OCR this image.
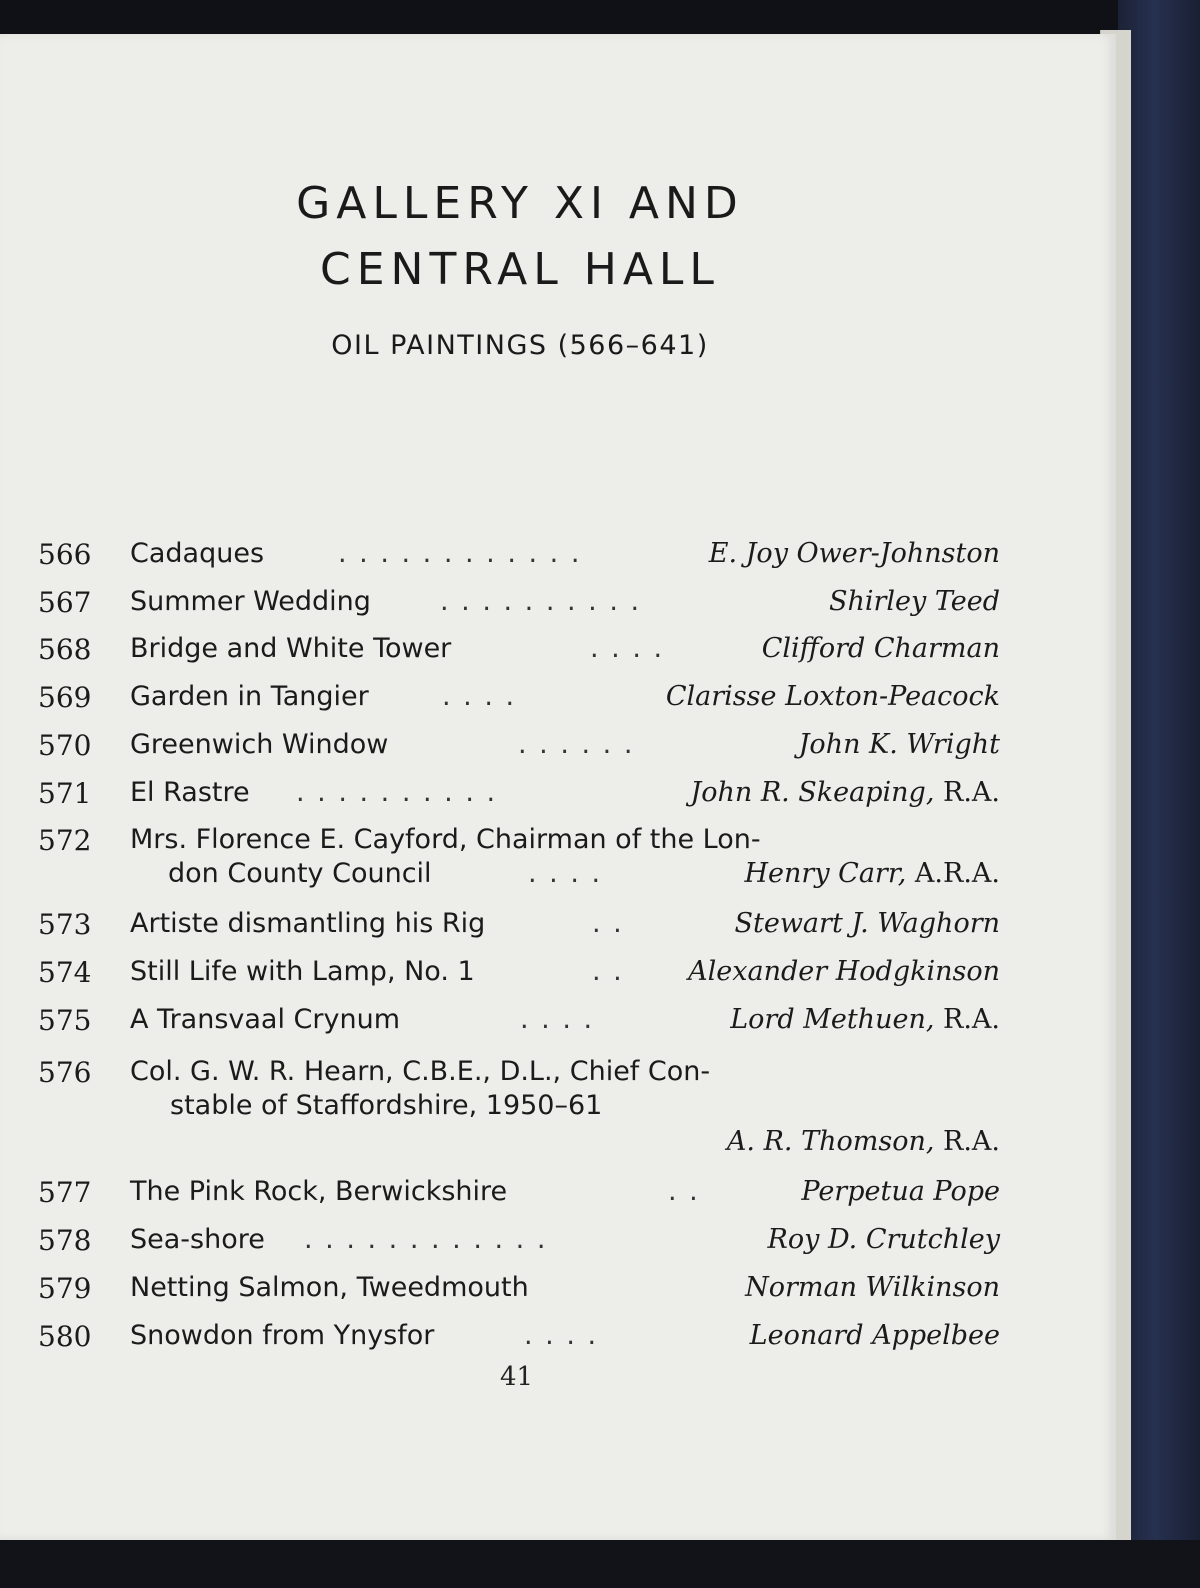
GALLERY XI AND
CENTRAL HALL
OIL PAINTINGS (566–641)
566 Cadaques	. . . . . . . . . . . .	E. Joy Ower-Johnston
567 Summer Wedding	. . . . . . . . . .	Shirley Teed
568 Bridge and White Tower	. . . .	Clifford Charman
569 Garden in Tangier	. . . .	Clarisse Loxton-Peacock
570 Greenwich Window	. . . . . .	John K. Wright
571 El Rastre . . . . . . . . . .	John R. Skeaping, R.A.
572 Mrs. Florence E. Cayford, Chairman of the Lon-
don County Council	. . . .	Henry Carr, A.R.A.
573 Artiste dismantling his Rig	. .	Stewart J. Waghorn
574 Still Life with Lamp, No. 1	. . Alexander Hodgkinson
575 A Transvaal Crynum	. . . .	Lord Methuen, R.A.
576 Col. G. W. R. Hearn, C.B.E., D.L., Chief Con-
stable of Staffordshire, 1950–61
A. R. Thomson, R.A.
577 The Pink Rock, Berwickshire	. .	Perpetua Pope
578 Sea-shore . . . . . . . . . . . .	Roy D. Crutchley
579 Netting Salmon, Tweedmouth	Norman Wilkinson
580 Snowdon from Ynysfor	. . . .	Leonard Appelbee
41
